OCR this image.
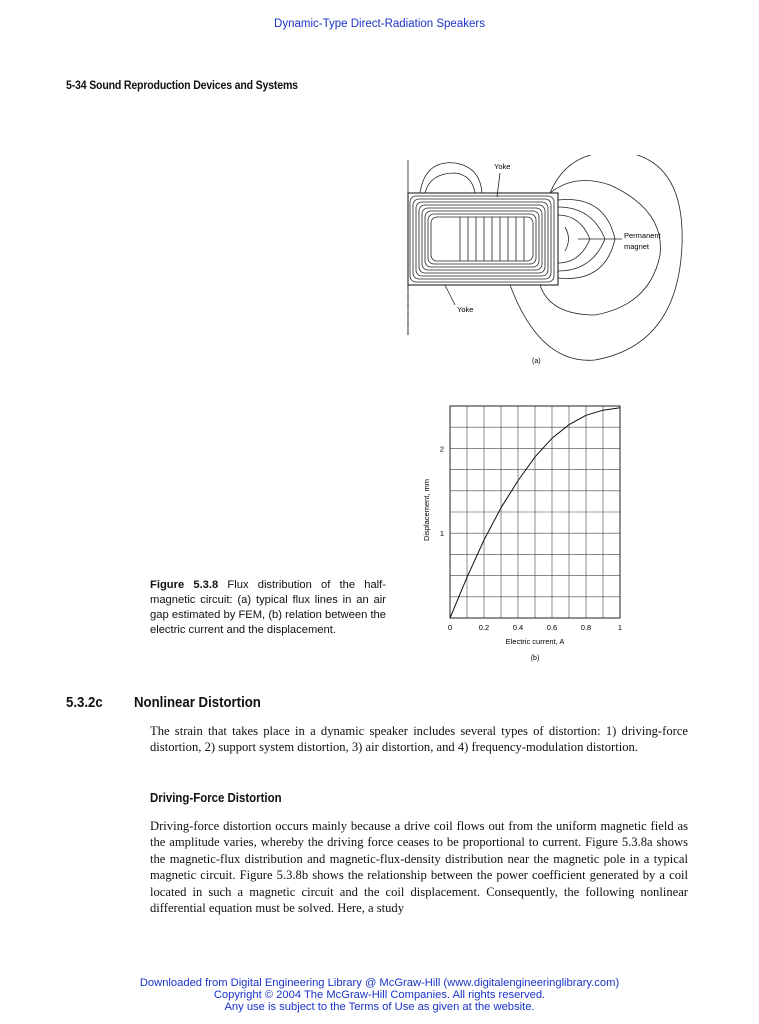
Dynamic-Type Direct-Radiation Speakers
5-34 Sound Reproduction Devices and Systems
Yoke
Yoke
Permanent
magnet
(a)
0	0.2	0.4	0.6	0.8	1
1
2
Electric current, A
Displacement, mm
(b)
Figure 5.3.8 Flux distribution of the half-magnetic circuit: (a) typical flux lines in an air gap estimated by FEM, (b) relation between the electric current and the displacement.
5.3.2c Nonlinear Distortion
The strain that takes place in a dynamic speaker includes several types of distortion: 1) driving-force distortion, 2) support system distortion, 3) air distortion, and 4) frequency-modulation distortion.
Driving-Force Distortion
Driving-force distortion occurs mainly because a drive coil flows out from the uniform magnetic field as the amplitude varies, whereby the driving force ceases to be proportional to current. Figure 5.3.8a shows the magnetic-flux distribution and magnetic-flux-density distribution near the magnetic pole in a typical magnetic circuit. Figure 5.3.8b shows the relationship between the power coefficient generated by a coil located in such a magnetic circuit and the coil displacement. Consequently, the following nonlinear differential equation must be solved. Here, a study
Downloaded from Digital Engineering Library @ McGraw-Hill (www.digitalengineeringlibrary.com)
Copyright © 2004 The McGraw-Hill Companies. All rights reserved.
Any use is subject to the Terms of Use as given at the website.
